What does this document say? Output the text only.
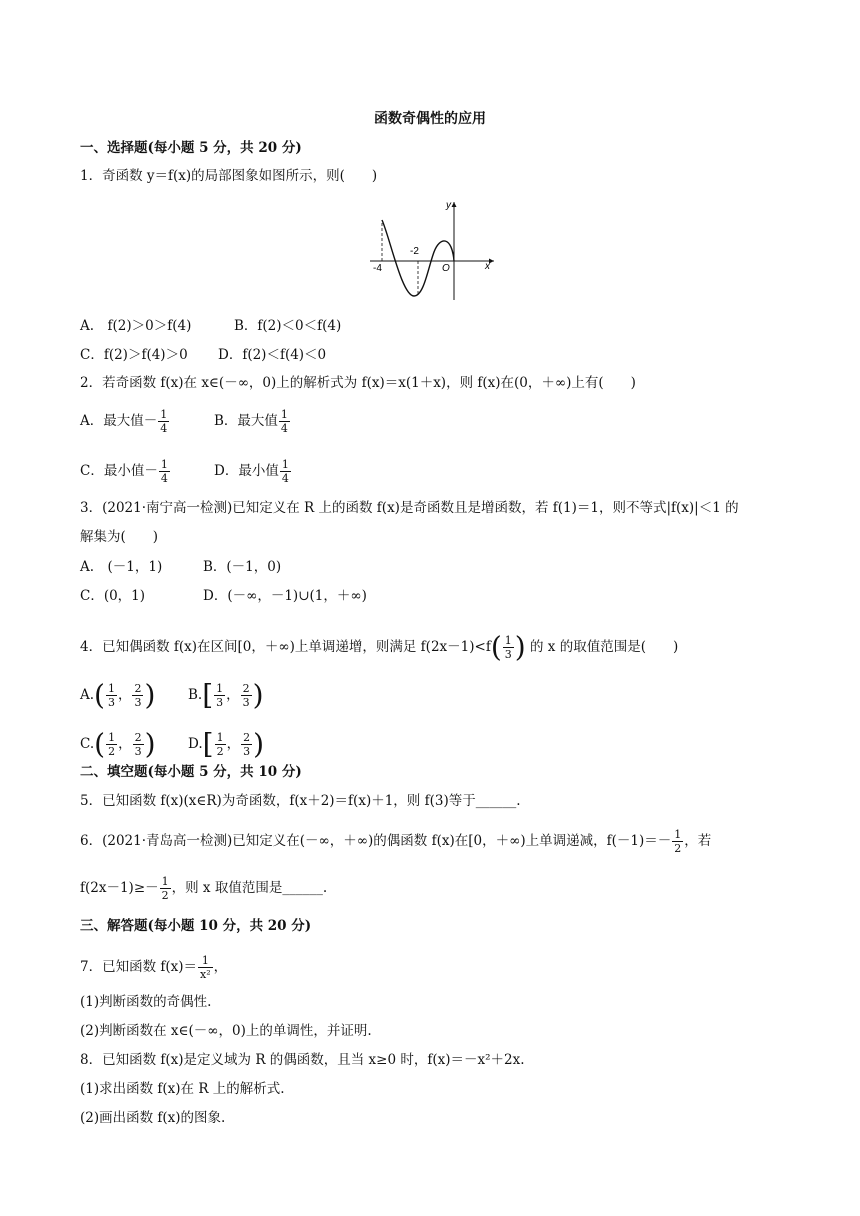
函数奇偶性的应用
一、选择题(每小题 5 分，共 20 分)
1．奇函数 y＝f(x)的局部图象如图所示，则(　　)
y
x
-4
-2
O
A.　f(2)＞0＞f(4)	B．f(2)＜0＜f(4)
C．f(2)＞f(4)＞0 D．f(2)＜f(4)＜0
2．若奇函数 f(x)在 x∈(－∞，0)上的解析式为 f(x)＝x(1＋x)，则 f(x)在(0，＋∞)上有(　　)
A．最大值－ $\frac{1}{4}$	B．最大值 $\frac{1}{4}$
C．最小值－ $\frac{1}{4}$	D．最小值 $\frac{1}{4}$
3．(2021·南宁高一检测)已知定义在 R 上的函数 f(x)是奇函数且是增函数，若 f(1)＝1，则不等式|f(x)|＜1 的
解集为(　　)
A.　(－1，1)	B．(－1，0)
C．(0，1)	D．(－∞，－1)∪(1，＋∞)
4．已知偶函数 f(x)在区间[0，＋∞)上单调递增，则满足 $f(2x-1)<f( \frac{1}{3}$ ) 的 x 的取值范围是(　　)
$A.( \frac{1}{3}$ ， $\frac{2}{3}$ ) $B.[ \frac{1}{3}$ ， $\frac{2}{3}$ )
$C.( \frac{1}{2}$ ， $\frac{2}{3}$ ) $D.[ \frac{1}{2}$ ， $\frac{2}{3}$ )
二、填空题(每小题 5 分，共 10 分)
5．已知函数 f(x)(x∈R)为奇函数，f(x＋2)＝f(x)＋1，则 f(3)等于______.
6．(2021·青岛高一检测)已知定义在(－∞，＋∞)的偶函数 f(x)在[0，＋∞)上单调递减，$f(-1)=- \frac{1}{2}$ ，若
$f(2x-1)\ge- \frac{1}{2}$ ，则 x 取值范围是______.
三、解答题(每小题 10 分，共 20 分)
7．已知函数 $f(x)= \frac{1}{\text{x²}}$ ，
(1)判断函数的奇偶性.
(2)判断函数在 x∈(－∞，0)上的单调性，并证明.
8．已知函数 f(x)是定义域为 R 的偶函数，且当 x≥0 时，f(x)＝－x²＋2x.
(1)求出函数 f(x)在 R 上的解析式.
(2)画出函数 f(x)的图象.
